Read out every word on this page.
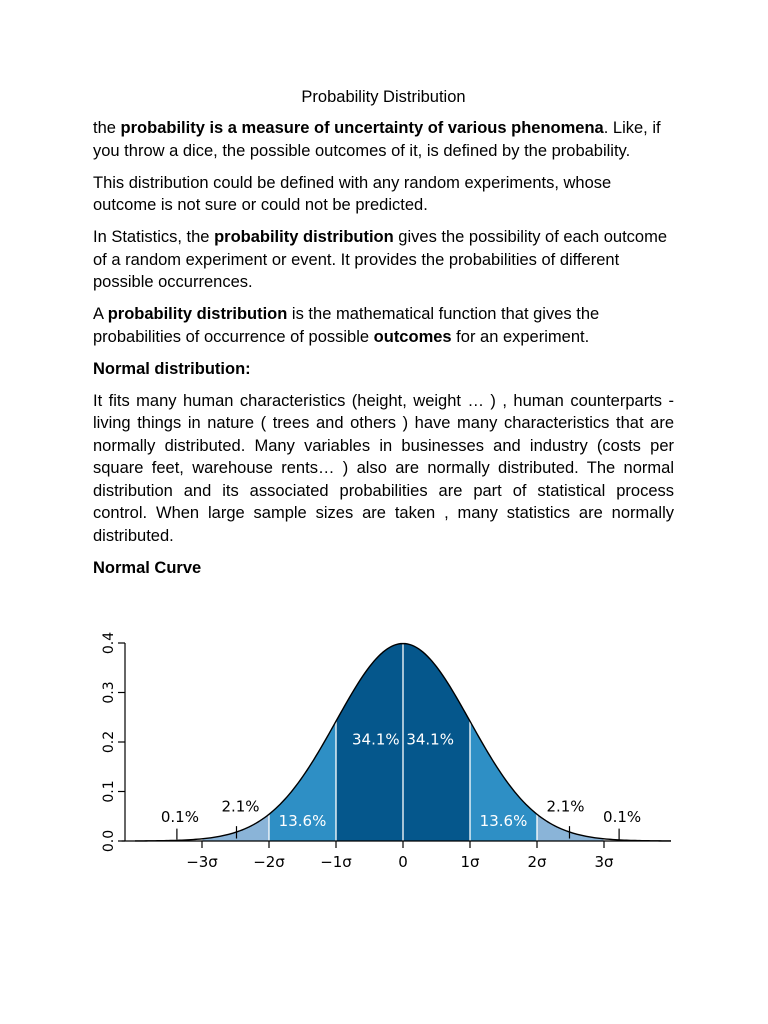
Probability Distribution

the probability is a measure of uncertainty of various phenomena. Like, if you throw a dice, the possible outcomes of it, is defined by the probability.

This distribution could be defined with any random experiments, whose outcome is not sure or could not be predicted.

In Statistics, the probability distribution gives the possibility of each outcome of a random experiment or event. It provides the probabilities of different possible occurrences.

A probability distribution is the mathematical function that gives the probabilities of occurrence of possible outcomes for an experiment.

Normal distribution:

It fits many human characteristics (height, weight … ) , human counterparts - living things in nature ( trees and others ) have many characteristics that are normally distributed. Many variables in businesses and industry (costs per square feet, warehouse rents… ) also are normally distributed. The normal distribution and its associated probabilities are part of statistical process control. When large sample sizes are taken , many statistics are normally distributed.

Normal Curve
0.0
0.1
0.2
0.3
0.4
−3σ −2σ −1σ	0	1σ	2σ	3σ
2.1%
13.6%
34.1% 34.1%
13.6%
2.1%
0.1%	0.1%
